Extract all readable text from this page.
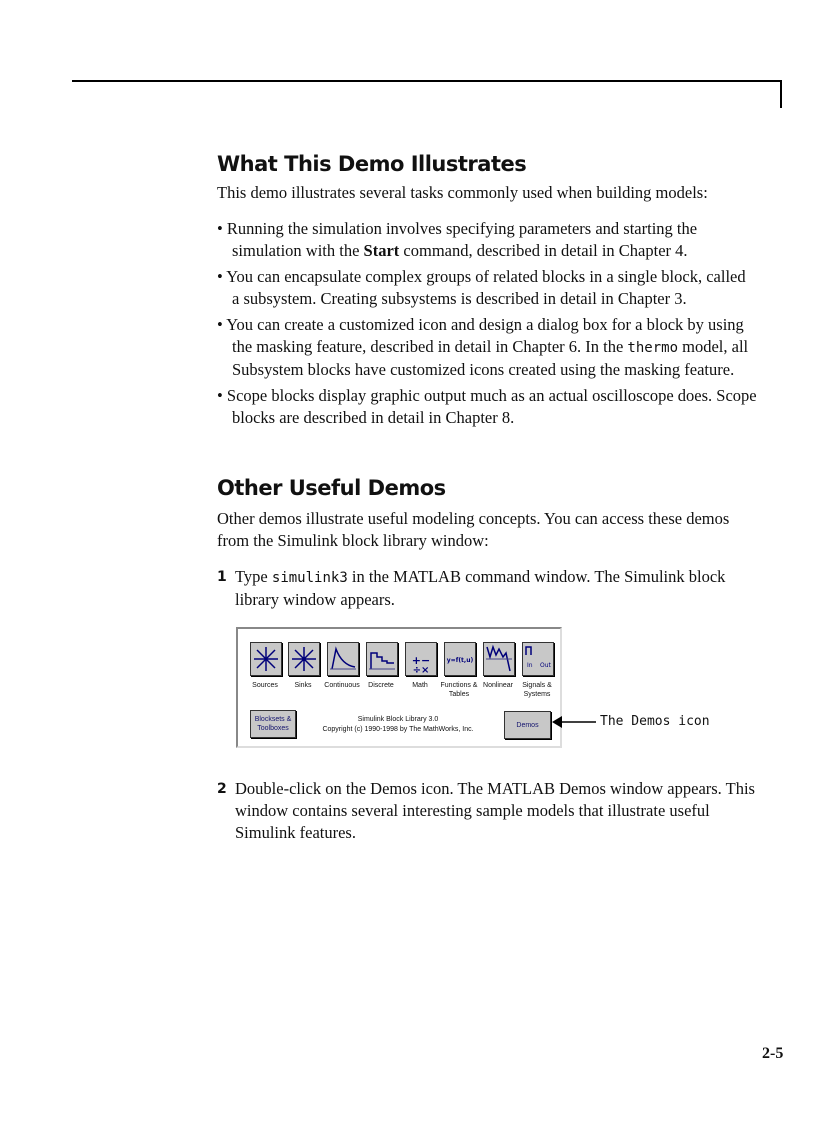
What This Demo Illustrates
This demo illustrates several tasks commonly used when building models:
• Running the simulation involves specifying parameters and starting the simulation with the Start command, described in detail in Chapter 4.
• You can encapsulate complex groups of related blocks in a single block, called a subsystem. Creating subsystems is described in detail in Chapter 3.
• You can create a customized icon and design a dialog box for a block by using the masking feature, described in detail in Chapter 6. In the thermo model, all Subsystem blocks have customized icons created using the masking feature.
• Scope blocks display graphic output much as an actual oscilloscope does. Scope blocks are described in detail in Chapter 8.
Other Useful Demos
Other demos illustrate useful modeling concepts. You can access these demos from the Simulink block library window:
1 Type simulink3 in the MATLAB command window. The Simulink block library window appears.
+−
÷×
y=f(t,u)
In Out
Sources	Sinks	Continuous	Discrete	Math	Functions & Tables
Nonlinear	Signals & Systems
Blocksets & Toolboxes
Simulink Block Library 3.0
Copyright (c) 1990-1998 by The MathWorks, Inc.
Demos	The Demos icon
2 Double-click on the Demos icon. The MATLAB Demos window appears. This window contains several interesting sample models that illustrate useful Simulink features.
2-5
